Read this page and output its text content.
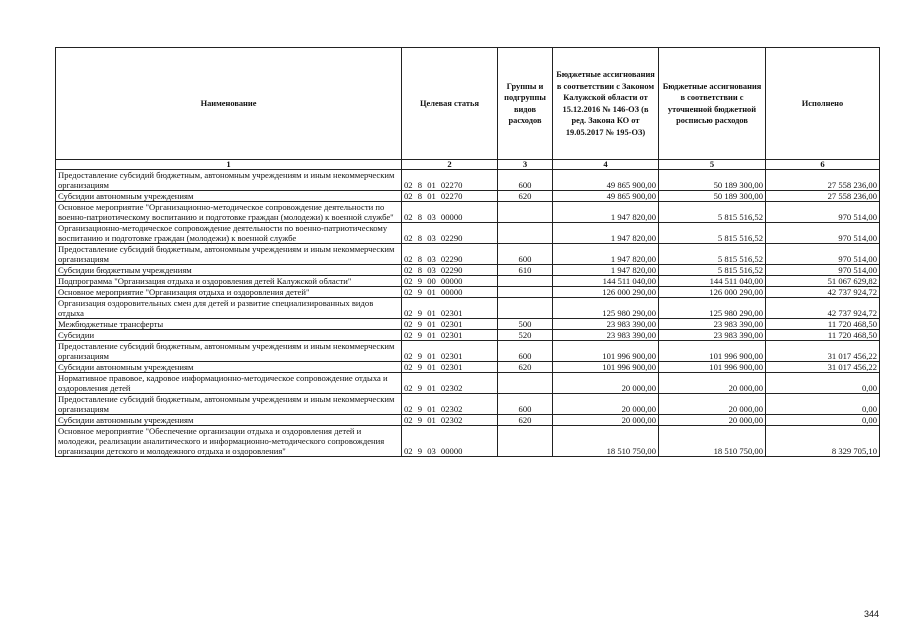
Наименование	Целевая статья	Группы и подгруппы видов расходов	Бюджетные ассигнования в соответствии с Законом Калужской области от 15.12.2016 № 146-ОЗ (в ред. Закона КО от 19.05.2017 № 195-ОЗ)	Бюджетные ассигнования в соответствии с уточненной бюджетной росписью расходов	Исполнено
1	2	3	4	5	6
Предоставление субсидий бюджетным, автономным учреждениям и иным некоммерческим организациям	02 8 01 02270	600	49 865 900,00	50 189 300,00	27 558 236,00
Субсидии автономным учреждениям	02 8 01 02270	620	49 865 900,00	50 189 300,00	27 558 236,00
Основное мероприятие "Организационно-методическое сопровождение деятельности по военно-патриотическому воспитанию и подготовке граждан (молодежи) к военной службе"	02 8 03 00000		1 947 820,00	5 815 516,52	970 514,00
Организационно-методическое сопровождение деятельности по военно-патриотическому воспитанию и подготовке граждан (молодежи) к военной службе	02 8 03 02290		1 947 820,00	5 815 516,52	970 514,00
Предоставление субсидий бюджетным, автономным учреждениям и иным некоммерческим организациям	02 8 03 02290	600	1 947 820,00	5 815 516,52	970 514,00
Субсидии бюджетным учреждениям	02 8 03 02290	610	1 947 820,00	5 815 516,52	970 514,00
Подпрограмма "Организация отдыха и оздоровления детей Калужской области"	02 9 00 00000		144 511 040,00	144 511 040,00	51 067 629,82
Основное мероприятие "Организация отдыха и оздоровления детей"	02 9 01 00000		126 000 290,00	126 000 290,00	42 737 924,72
Организация оздоровительных смен для детей и развитие специализированных видов отдыха	02 9 01 02301		125 980 290,00	125 980 290,00	42 737 924,72
Межбюджетные трансферты	02 9 01 02301	500	23 983 390,00	23 983 390,00	11 720 468,50
Субсидии	02 9 01 02301	520	23 983 390,00	23 983 390,00	11 720 468,50
Предоставление субсидий бюджетным, автономным учреждениям и иным некоммерческим организациям	02 9 01 02301	600	101 996 900,00	101 996 900,00	31 017 456,22
Субсидии автономным учреждениям	02 9 01 02301	620	101 996 900,00	101 996 900,00	31 017 456,22
Нормативное правовое, кадровое информационно-методическое сопровождение отдыха и оздоровления детей	02 9 01 02302		20 000,00	20 000,00	0,00
Предоставление субсидий бюджетным, автономным учреждениям и иным некоммерческим организациям	02 9 01 02302	600	20 000,00	20 000,00	0,00
Субсидии автономным учреждениям	02 9 01 02302	620	20 000,00	20 000,00	0,00
Основное мероприятие "Обеспечение организации отдыха и оздоровления детей и молодежи, реализации аналитического и информационно-методического сопровождения организации детского и молодежного отдыха и оздоровления"	02 9 03 00000		18 510 750,00	18 510 750,00	8 329 705,10
344
